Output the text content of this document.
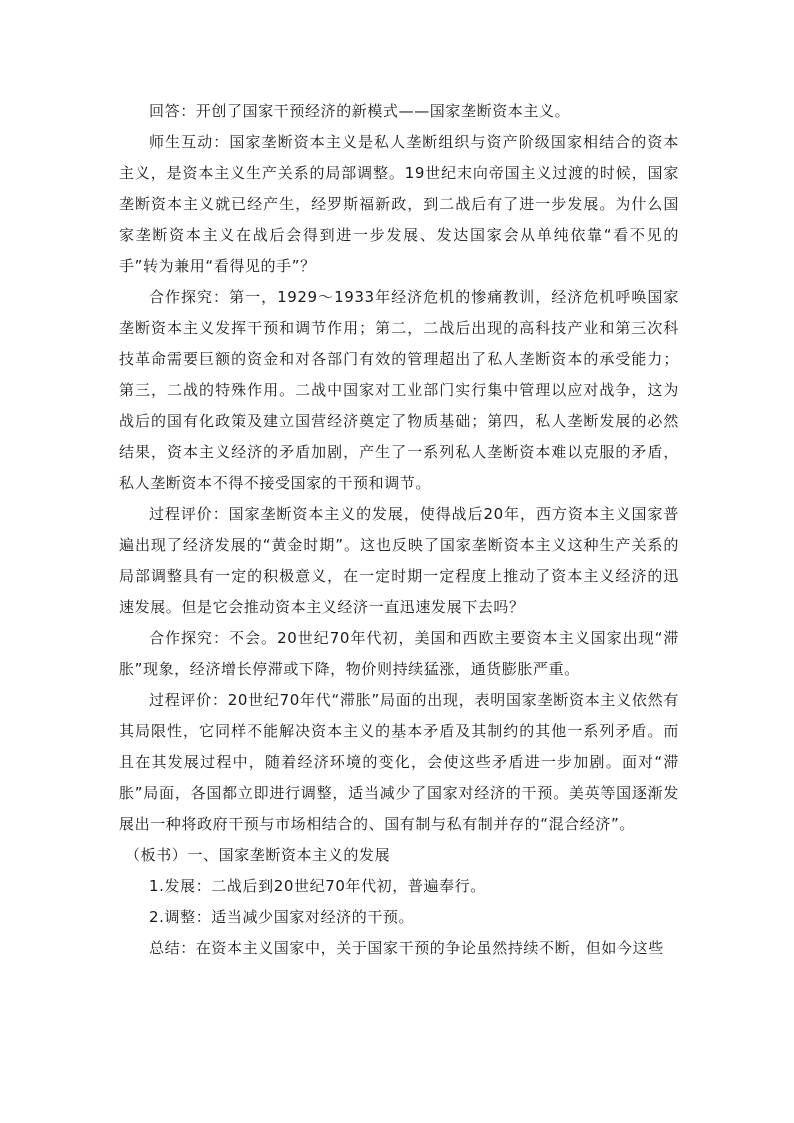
回答：开创了国家干预经济的新模式——国家垄断资本主义。

师生互动：国家垄断资本主义是私人垄断组织与资产阶级国家相结合的资本主义，是资本主义生产关系的局部调整。19世纪末向帝国主义过渡的时候，国家垄断资本主义就已经产生，经罗斯福新政，到二战后有了进一步发展。为什么国家垄断资本主义在战后会得到进一步发展、发达国家会从单纯依靠“看不见的手”转为兼用“看得见的手”？

合作探究：第一，1929～1933年经济危机的惨痛教训，经济危机呼唤国家垄断资本主义发挥干预和调节作用；第二，二战后出现的高科技产业和第三次科技革命需要巨额的资金和对各部门有效的管理超出了私人垄断资本的承受能力；第三，二战的特殊作用。二战中国家对工业部门实行集中管理以应对战争，这为战后的国有化政策及建立国营经济奠定了物质基础；第四，私人垄断发展的必然结果，资本主义经济的矛盾加剧，产生了一系列私人垄断资本难以克服的矛盾，私人垄断资本不得不接受国家的干预和调节。

过程评价：国家垄断资本主义的发展，使得战后20年，西方资本主义国家普遍出现了经济发展的“黄金时期”。这也反映了国家垄断资本主义这种生产关系的局部调整具有一定的积极意义，在一定时期一定程度上推动了资本主义经济的迅速发展。但是它会推动资本主义经济一直迅速发展下去吗？

合作探究：不会。20世纪70年代初，美国和西欧主要资本主义国家出现“滞胀”现象，经济增长停滞或下降，物价则持续猛涨，通货膨胀严重。

过程评价：20世纪70年代“滞胀”局面的出现，表明国家垄断资本主义依然有其局限性，它同样不能解决资本主义的基本矛盾及其制约的其他一系列矛盾。而且在其发展过程中，随着经济环境的变化，会使这些矛盾进一步加剧。面对“滞胀”局面，各国都立即进行调整，适当减少了国家对经济的干预。美英等国逐渐发展出一种将政府干预与市场相结合的、国有制与私有制并存的“混合经济”。

（板书）一、国家垄断资本主义的发展

1.发展：二战后到20世纪70年代初，普遍奉行。

2.调整：适当减少国家对经济的干预。

总结：在资本主义国家中，关于国家干预的争论虽然持续不断，但如今这些
